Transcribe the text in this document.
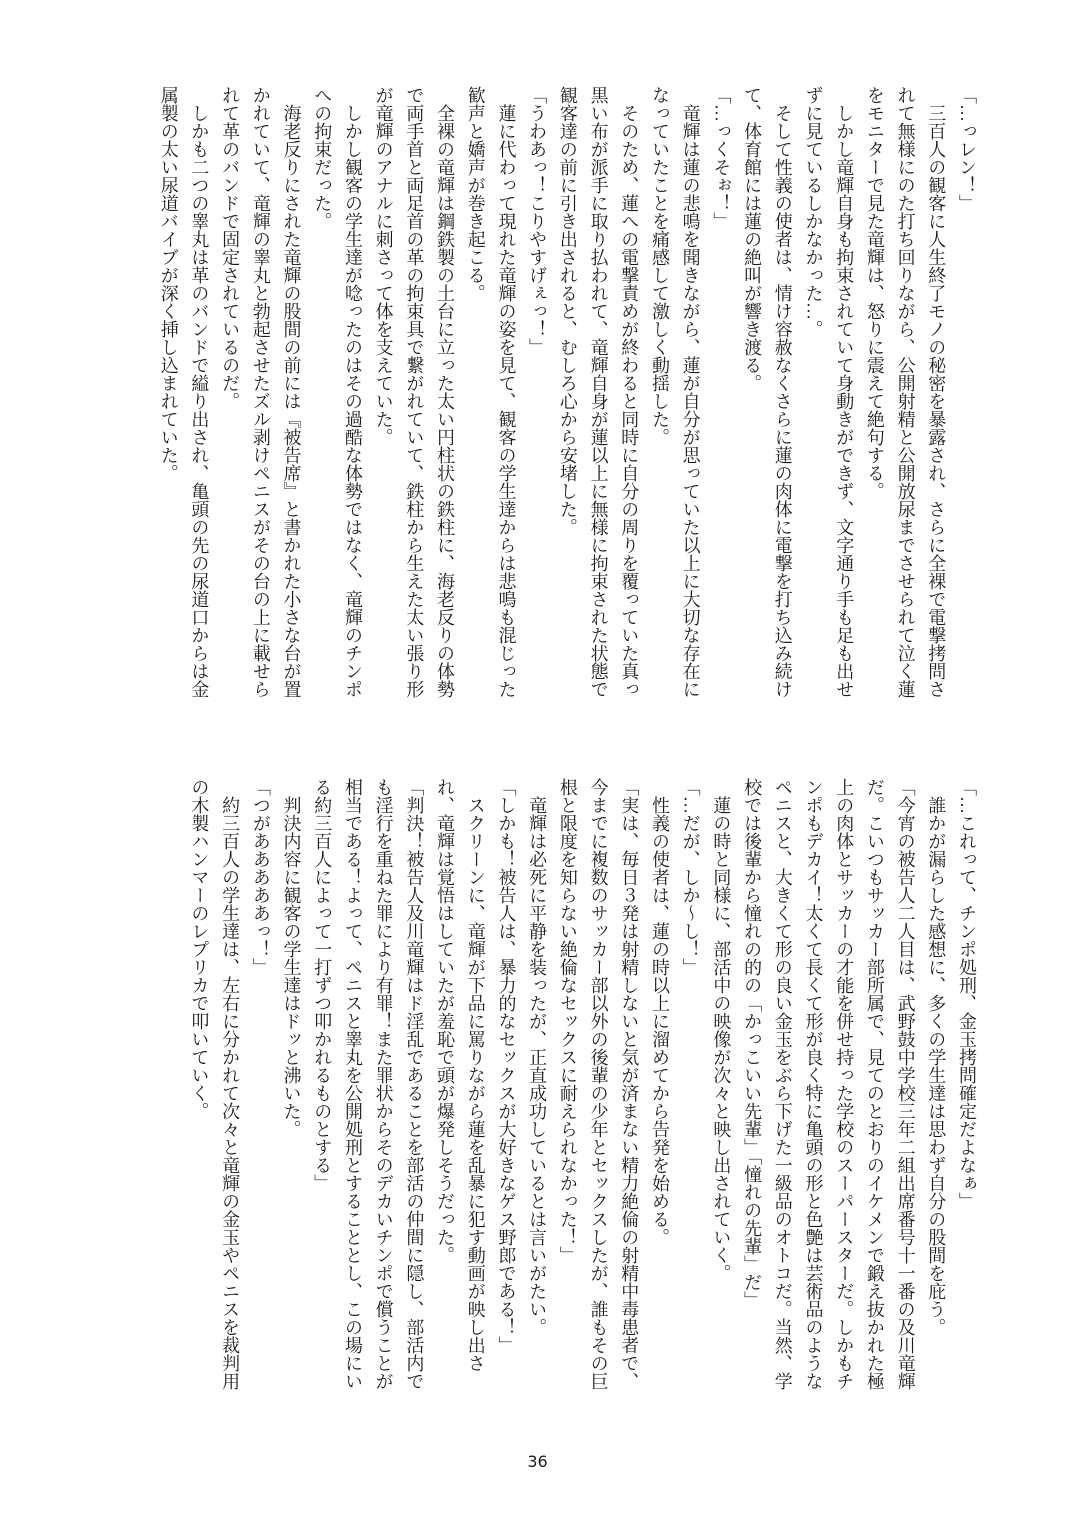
「…っレン！」

三百人の観客に人生終了モノの秘密を暴露され、さらに全裸で電撃拷問されて無様にのた打ち回りながら、公開射精と公開放尿までさせられて泣く蓮をモニターで見た竜輝は、怒りに震えて絶句する。

しかし竜輝自身も拘束されていて身動きができず、文字通り手も足も出せずに見ているしかなかった…。

そして性義の使者は、情け容赦なくさらに蓮の肉体に電撃を打ち込み続けて、体育館には蓮の絶叫が響き渡る。

「…っくそぉ！」

竜輝は蓮の悲鳴を聞きながら、蓮が自分が思っていた以上に大切な存在になっていたことを痛感して激しく動揺した。

そのため、蓮への電撃責めが終わると同時に自分の周りを覆っていた真っ黒い布が派手に取り払われて、竜輝自身が蓮以上に無様に拘束された状態で観客達の前に引き出されると、むしろ心から安堵した。

「うわあっ！こりやすげぇっ！」

蓮に代わって現れた竜輝の姿を見て、観客の学生達からは悲鳴も混じった歓声と嬌声が巻き起こる。

全裸の竜輝は鋼鉄製の土台に立った太い円柱状の鉄柱に、海老反りの体勢で両手首と両足首の革の拘束具で繋がれていて、鉄柱から生えた太い張り形が竜輝のアナルに刺さって体を支えていた。

しかし観客の学生達が唸ったのはその過酷な体勢ではなく、竜輝のチンポへの拘束だった。

海老反りにされた竜輝の股間の前には『被告席』と書かれた小さな台が置かれていて、竜輝の睾丸と勃起させたズル剥けペニスがその台の上に載せられて革のバンドで固定されているのだ。

しかも二つの睾丸は革のバンドで縊り出され、亀頭の先の尿道口からは金属製の太い尿道バイブが深く挿し込まれていた。

「…これって、チンポ処刑、金玉拷問確定だよなぁ」

誰かが漏らした感想に、多くの学生達は思わず自分の股間を庇う。

「今宵の被告人二人目は、武野鼓中学校三年二組出席番号十一番の及川竜輝だ。こいつもサッカー部所属で、見てのとおりのイケメンで鍛え抜かれた極上の肉体とサッカーの才能を併せ持った学校のスーパースターだ。しかもチンポもデカイ！太くて長くて形が良く特に亀頭の形と色艶は芸術品のようなペニスと、大きくて形の良い金玉をぶら下げた一級品のオトコだ。当然、学校では後輩から憧れの的の「かっこいい先輩」「憧れの先輩」だ」

蓮の時と同様に、部活中の映像が次々と映し出されていく。

「…だが、しか〜し！」

性義の使者は、蓮の時以上に溜めてから告発を始める。

「実は、毎日３発は射精しないと気が済まない精力絶倫の射精中毒患者で、今までに複数のサッカー部以外の後輩の少年とセックスしたが、誰もその巨根と限度を知らない絶倫なセックスに耐えられなかった！」

竜輝は必死に平静を装ったが、正直成功しているとは言いがたい。

「しかも！被告人は、暴力的なセックスが大好きなゲス野郎である！」

スクリーンに、竜輝が下品に罵りながら蓮を乱暴に犯す動画が映し出され、竜輝は覚悟はしていたが羞恥で頭が爆発しそうだった。

「判決！被告人及川竜輝はド淫乱であることを部活の仲間に隠し、部活内でも淫行を重ねた罪により有罪！また罪状からそのデカいチンポで償うことが相当である！よって、ペニスと睾丸を公開処刑とすることとし、この場にいる約三百人によって一打ずつ叩かれるものとする」

判決内容に観客の学生達はドッと沸いた。

「つがあああああっ！」

約三百人の学生達は、左右に分かれて次々と竜輝の金玉やペニスを裁判用の木製ハンマーのレプリカで叩いていく。

36
